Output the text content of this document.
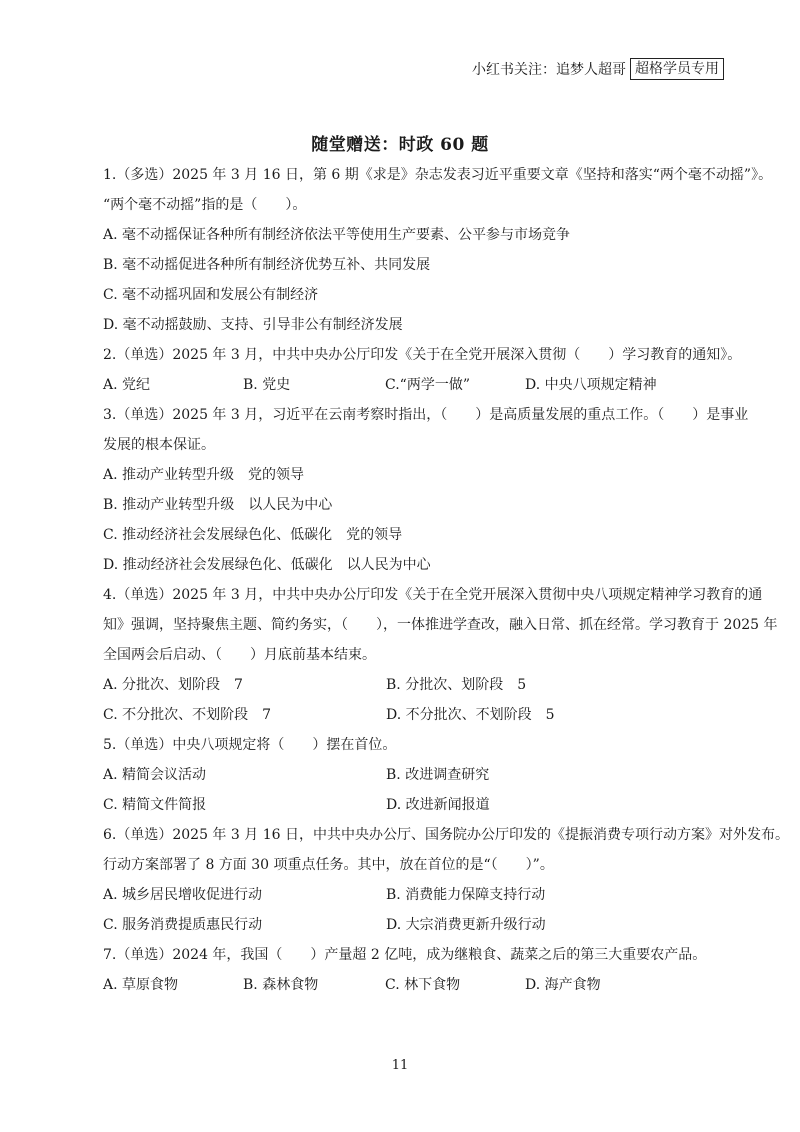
小红书关注：追梦人超哥 超格学员专用
随堂赠送：时政 60 题

1.（多选）2025 年 3 月 16 日，第 6 期《求是》杂志发表习近平重要文章《坚持和落实“两个毫不动摇”》。

“两个毫不动摇”指的是（　　）。

A. 毫不动摇保证各种所有制经济依法平等使用生产要素、公平参与市场竞争

B. 毫不动摇促进各种所有制经济优势互补、共同发展

C. 毫不动摇巩固和发展公有制经济

D. 毫不动摇鼓励、支持、引导非公有制经济发展

2.（单选）2025 年 3 月，中共中央办公厅印发《关于在全党开展深入贯彻（　　）学习教育的通知》。

A. 党纪	B. 党史	C.“两学一做”	D. 中央八项规定精神

3.（单选）2025 年 3 月，习近平在云南考察时指出，（　　）是高质量发展的重点工作。（　　）是事业

发展的根本保证。

A. 推动产业转型升级　党的领导

B. 推动产业转型升级　以人民为中心

C. 推动经济社会发展绿色化、低碳化　党的领导

D. 推动经济社会发展绿色化、低碳化　以人民为中心

4.（单选）2025 年 3 月，中共中央办公厅印发《关于在全党开展深入贯彻中央八项规定精神学习教育的通

知》强调，坚持聚焦主题、简约务实，（　　），一体推进学查改，融入日常、抓在经常。学习教育于 2025 年

全国两会后启动、（　　）月底前基本结束。

A. 分批次、划阶段　7	B. 分批次、划阶段　5
C. 不分批次、不划阶段　7	D. 不分批次、不划阶段　5

5.（单选）中央八项规定将（　　）摆在首位。

A. 精简会议活动	B. 改进调查研究
C. 精简文件简报	D. 改进新闻报道

6.（单选）2025 年 3 月 16 日，中共中央办公厅、国务院办公厅印发的《提振消费专项行动方案》对外发布。

行动方案部署了 8 方面 30 项重点任务。其中，放在首位的是“（　　）”。

A. 城乡居民增收促进行动	B. 消费能力保障支持行动
C. 服务消费提质惠民行动	D. 大宗消费更新升级行动

7.（单选）2024 年，我国（　　）产量超 2 亿吨，成为继粮食、蔬菜之后的第三大重要农产品。

A. 草原食物	B. 森林食物	C. 林下食物	D. 海产食物
11
